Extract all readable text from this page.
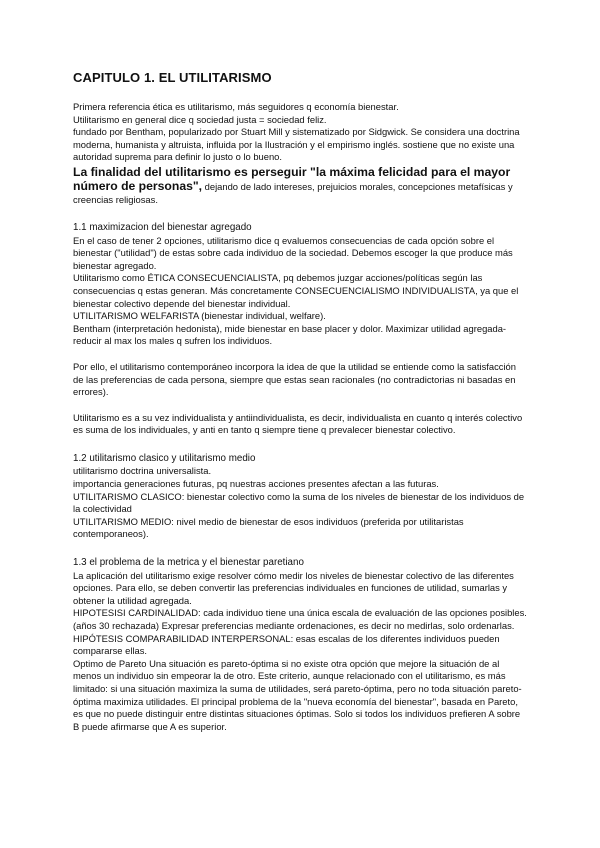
CAPITULO 1. EL UTILITARISMO

Primera referencia ética es utilitarismo, más seguidores q economía bienestar.

Utilitarismo en general dice q sociedad justa = sociedad feliz.

fundado por Bentham, popularizado por Stuart Mill y sistematizado por Sidgwick. Se considera una doctrina moderna, humanista y altruista, influida por la Ilustración y el empirismo inglés. sostiene que no existe una autoridad suprema para definir lo justo o lo bueno.

La finalidad del utilitarismo es perseguir "la máxima felicidad para el mayor número de personas", dejando de lado intereses, prejuicios morales, concepciones metafísicas y creencias religiosas.

1.1 maximizacion del bienestar agregado

En el caso de tener 2 opciones, utilitarismo dice q evaluemos consecuencias de cada opción sobre el bienestar ("utilidad") de estas sobre cada individuo de la sociedad. Debemos escoger la que produce más bienestar agregado.

Utilitarismo como ÉTICA CONSECUENCIALISTA, pq debemos juzgar acciones/políticas según las consecuencias q estas generan. Más concretamente CONSECUENCIALISMO INDIVIDUALISTA, ya que el bienestar colectivo depende del bienestar individual.

UTILITARISMO WELFARISTA (bienestar individual, welfare).

Bentham (interpretación hedonista), mide bienestar en base placer y dolor. Maximizar utilidad agregada- reducir al max los males q sufren los individuos.

Por ello, el utilitarismo contemporáneo incorpora la idea de que la utilidad se entiende como la satisfacción de las preferencias de cada persona, siempre que estas sean racionales (no contradictorias ni basadas en errores).

Utilitarismo es a su vez individualista y antiindividualista, es decir, individualista en cuanto q interés colectivo es suma de los individuales, y anti en tanto q siempre tiene q prevalecer bienestar colectivo.

1.2 utilitarismo clasico y utilitarismo medio

utilitarismo doctrina universalista.

importancia generaciones futuras, pq nuestras acciones presentes afectan a las futuras.

UTILITARISMO CLASICO: bienestar colectivo como la suma de los niveles de bienestar de los individuos de la colectividad

UTILITARISMO MEDIO: nivel medio de bienestar de esos individuos (preferida por utilitaristas contemporaneos).

1.3 el problema de la metrica y el bienestar paretiano

La aplicación del utilitarismo exige resolver cómo medir los niveles de bienestar colectivo de las diferentes opciones. Para ello, se deben convertir las preferencias individuales en funciones de utilidad, sumarlas y obtener la utilidad agregada.

HIPOTESISI CARDINALIDAD: cada individuo tiene una única escala de evaluación de las opciones posibles. (años 30 rechazada) Expresar preferencias mediante ordenaciones, es decir no medirlas, solo ordenarlas.

HIPÓTESIS COMPARABILIDAD INTERPERSONAL: esas escalas de los diferentes individuos pueden compararse ellas.

Optimo de Pareto Una situación es pareto-óptima si no existe otra opción que mejore la situación de al menos un individuo sin empeorar la de otro. Este criterio, aunque relacionado con el utilitarismo, es más limitado: si una situación maximiza la suma de utilidades, será pareto-óptima, pero no toda situación pareto-óptima maximiza utilidades. El principal problema de la "nueva economía del bienestar", basada en Pareto, es que no puede distinguir entre distintas situaciones óptimas. Solo si todos los individuos prefieren A sobre B puede afirmarse que A es superior.
